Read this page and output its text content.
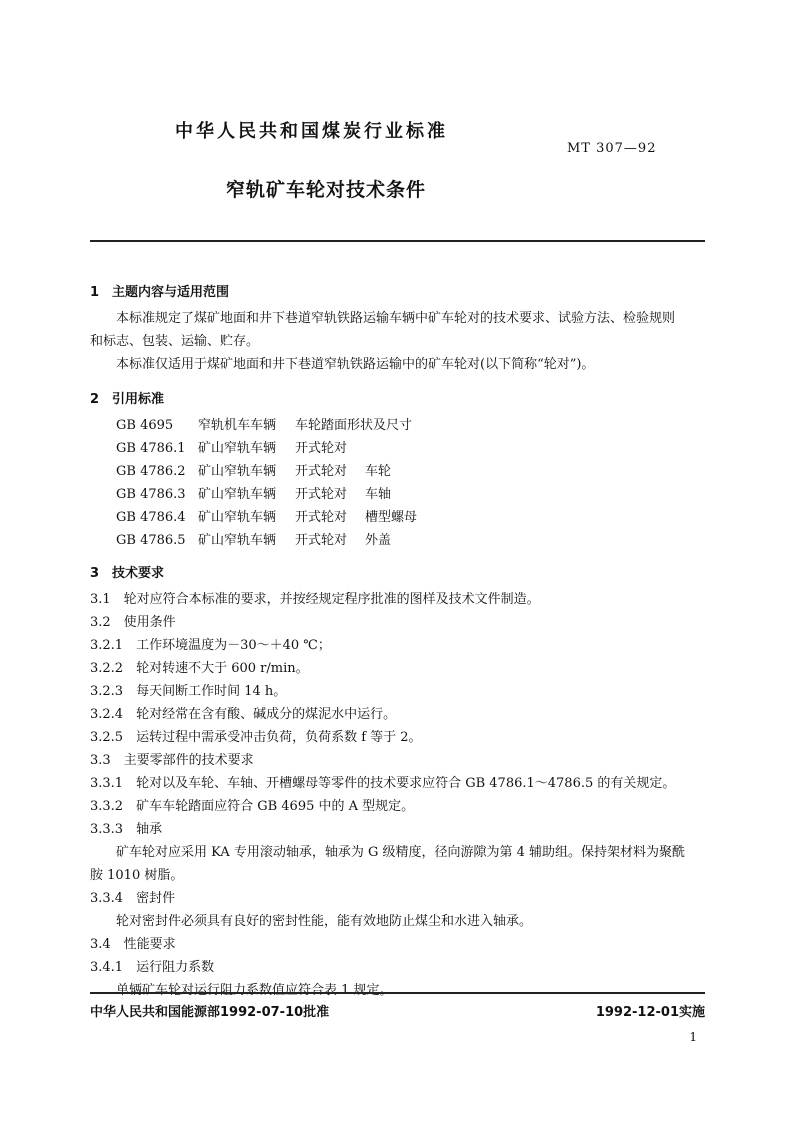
中华人民共和国煤炭行业标准
MT 307—92
窄轨矿车轮对技术条件
1　主题内容与适用范围
本标准规定了煤矿地面和井下巷道窄轨铁路运输车辆中矿车轮对的技术要求、试验方法、检验规则
和标志、包装、运输、贮存。
本标准仅适用于煤矿地面和井下巷道窄轨铁路运输中的矿车轮对(以下简称“轮对”)。
2　引用标准
GB 4695 窄轨机车车辆 车轮踏面形状及尺寸
GB 4786.1 矿山窄轨车辆 开式轮对
GB 4786.2 矿山窄轨车辆 开式轮对 车轮
GB 4786.3 矿山窄轨车辆 开式轮对 车轴
GB 4786.4 矿山窄轨车辆 开式轮对 槽型螺母
GB 4786.5 矿山窄轨车辆 开式轮对 外盖
3　技术要求
3.1　轮对应符合本标准的要求，并按经规定程序批准的图样及技术文件制造。
3.2　使用条件
3.2.1　工作环境温度为－30～＋40 ℃；
3.2.2　轮对转速不大于 600 r/min。
3.2.3　每天间断工作时间 14 h。
3.2.4　轮对经常在含有酸、碱成分的煤泥水中运行。
3.2.5　运转过程中需承受冲击负荷，负荷系数 f 等于 2。
3.3　主要零部件的技术要求
3.3.1　轮对以及车轮、车轴、开槽螺母等零件的技术要求应符合 GB 4786.1～4786.5 的有关规定。
3.3.2　矿车车轮踏面应符合 GB 4695 中的 A 型规定。
3.3.3　轴承
矿车轮对应采用 KA 专用滚动轴承，轴承为 G 级精度，径向游隙为第 4 辅助组。保持架材料为聚酰
胺 1010 树脂。
3.3.4　密封件
轮对密封件必须具有良好的密封性能，能有效地防止煤尘和水进入轴承。
3.4　性能要求
3.4.1　运行阻力系数
单辆矿车轮对运行阻力系数值应符合表 1 规定。
中华人民共和国能源部1992-07-10批准	1992-12-01实施
1
